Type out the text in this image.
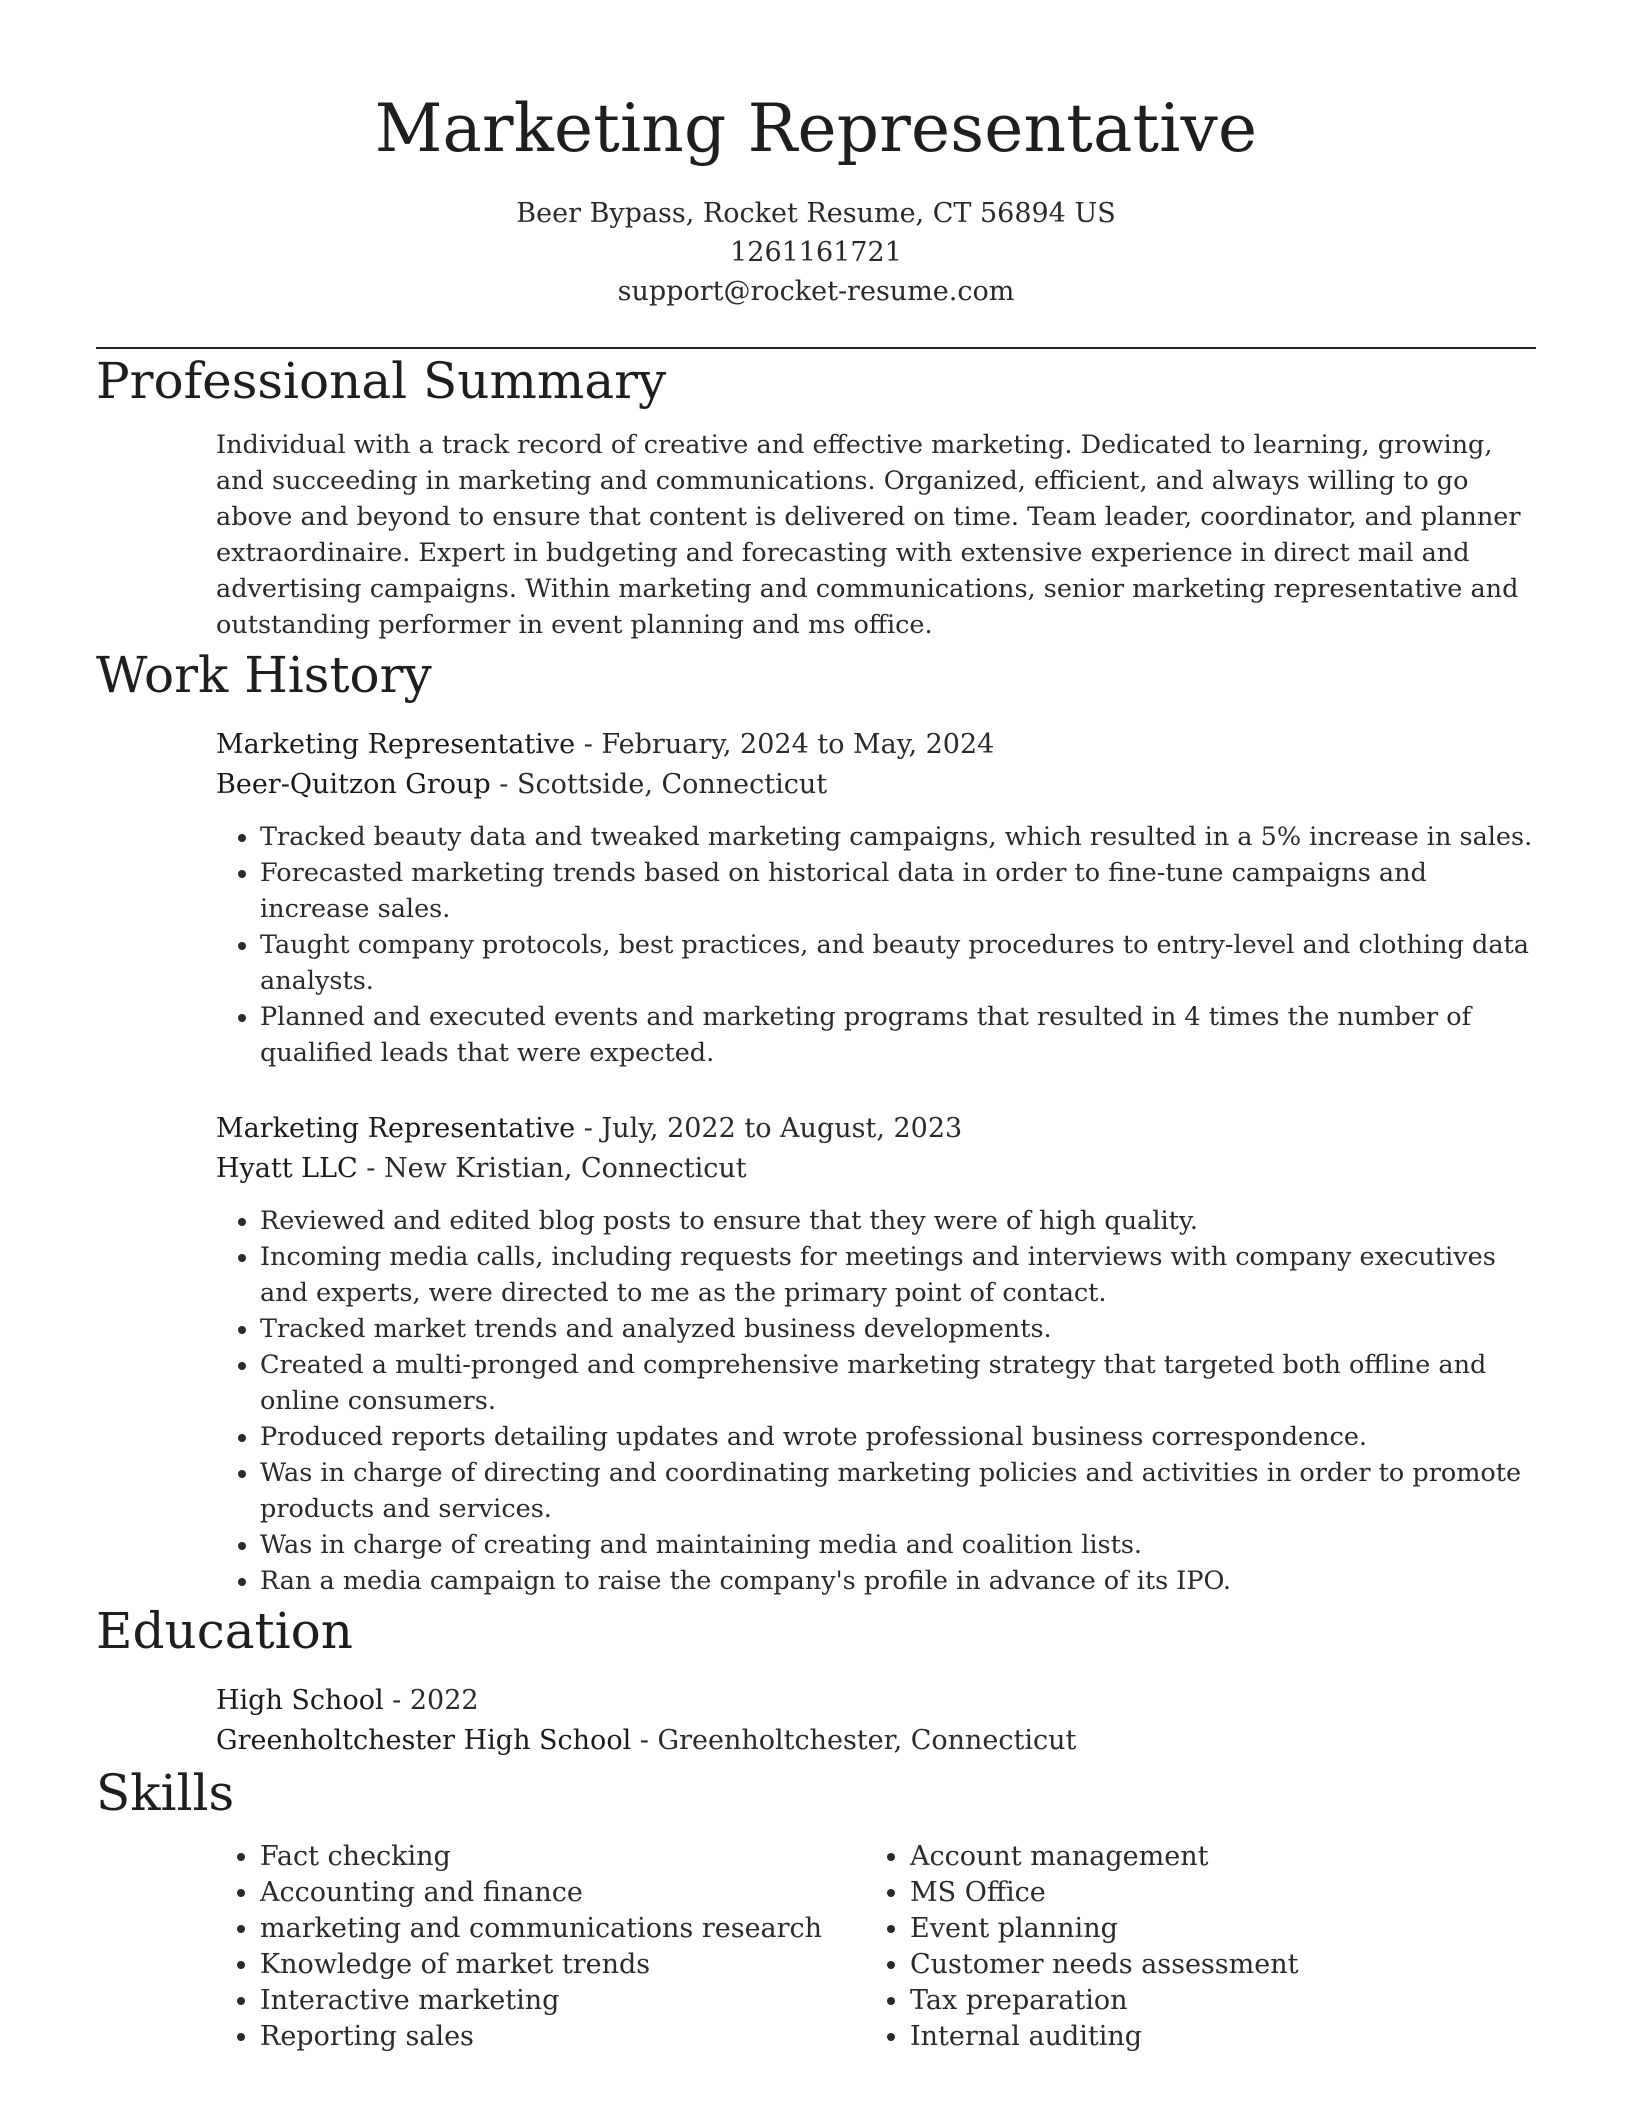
Marketing Representative
Beer Bypass, Rocket Resume, CT 56894 US
1261161721
support@rocket-resume.com
Professional Summary

Individual with a track record of creative and effective marketing. Dedicated to learning, growing, and succeeding in marketing and communications. Organized, efficient, and always willing to go above and beyond to ensure that content is delivered on time. Team leader, coordinator, and planner extraordinaire. Expert in budgeting and forecasting with extensive experience in direct mail and advertising campaigns. Within marketing and communications, senior marketing representative and outstanding performer in event planning and ms office.

Work History
Marketing Representative - February, 2024 to May, 2024
Beer-Quitzon Group - Scottside, Connecticut
• Tracked beauty data and tweaked marketing campaigns, which resulted in a 5% increase in sales.
• Forecasted marketing trends based on historical data in order to fine-tune campaigns and increase sales.
• Taught company protocols, best practices, and beauty procedures to entry-level and clothing data analysts.
• Planned and executed events and marketing programs that resulted in 4 times the number of qualified leads that were expected.
Marketing Representative - July, 2022 to August, 2023
Hyatt LLC - New Kristian, Connecticut
• Reviewed and edited blog posts to ensure that they were of high quality.
• Incoming media calls, including requests for meetings and interviews with company executives and experts, were directed to me as the primary point of contact.
• Tracked market trends and analyzed business developments.
• Created a multi-pronged and comprehensive marketing strategy that targeted both offline and online consumers.
• Produced reports detailing updates and wrote professional business correspondence.
• Was in charge of directing and coordinating marketing policies and activities in order to promote products and services.
• Was in charge of creating and maintaining media and coalition lists.
• Ran a media campaign to raise the company's profile in advance of its IPO.
Education
High School - 2022
Greenholtchester High School - Greenholtchester, Connecticut
Skills
• Fact checking
• Accounting and finance
• marketing and communications research
• Knowledge of market trends
• Interactive marketing
• Reporting sales
• Account management
• MS Office
• Event planning
• Customer needs assessment
• Tax preparation
• Internal auditing
